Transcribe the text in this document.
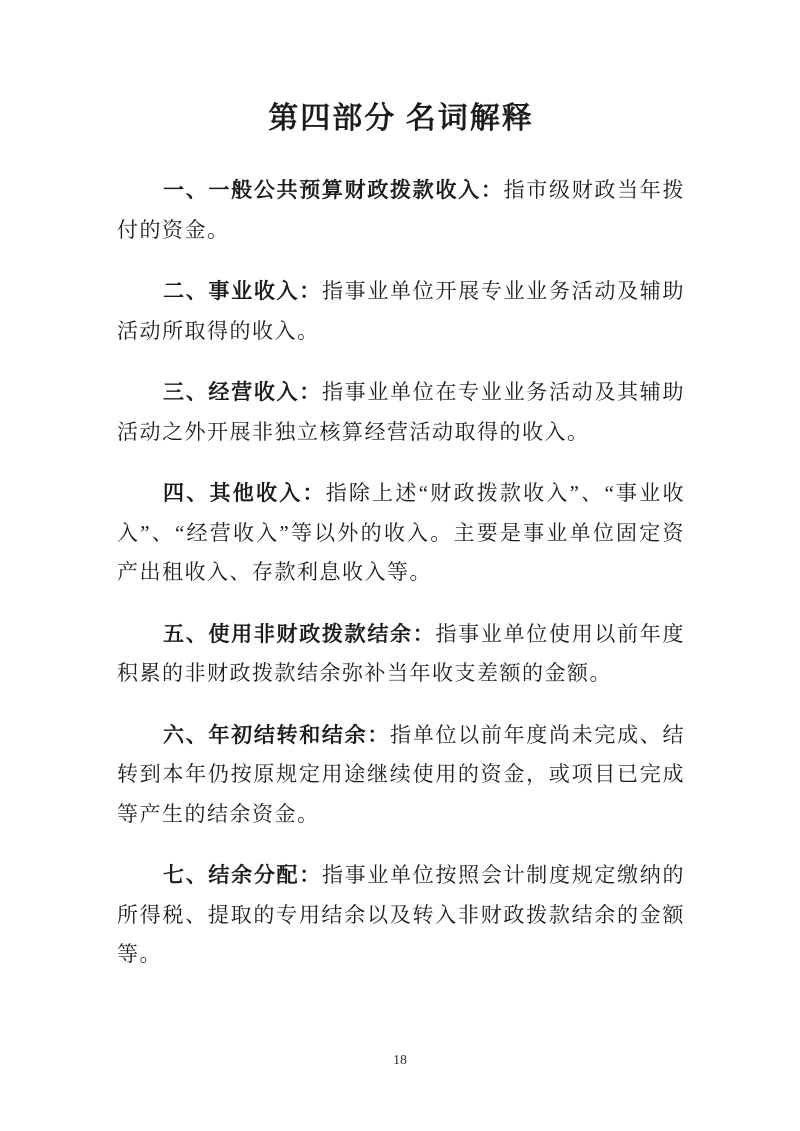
第四部分 名词解释

一、一般公共预算财政拨款收入：指市级财政当年拨付的资金。

二、事业收入：指事业单位开展专业业务活动及辅助活动所取得的收入。

三、经营收入：指事业单位在专业业务活动及其辅助活动之外开展非独立核算经营活动取得的收入。

四、其他收入：指除上述“财政拨款收入”、“事业收入”、“经营收入”等以外的收入。主要是事业单位固定资产出租收入、存款利息收入等。

五、使用非财政拨款结余：指事业单位使用以前年度积累的非财政拨款结余弥补当年收支差额的金额。

六、年初结转和结余：指单位以前年度尚未完成、结转到本年仍按原规定用途继续使用的资金，或项目已完成等产生的结余资金。

七、结余分配：指事业单位按照会计制度规定缴纳的所得税、提取的专用结余以及转入非财政拨款结余的金额等。

18
